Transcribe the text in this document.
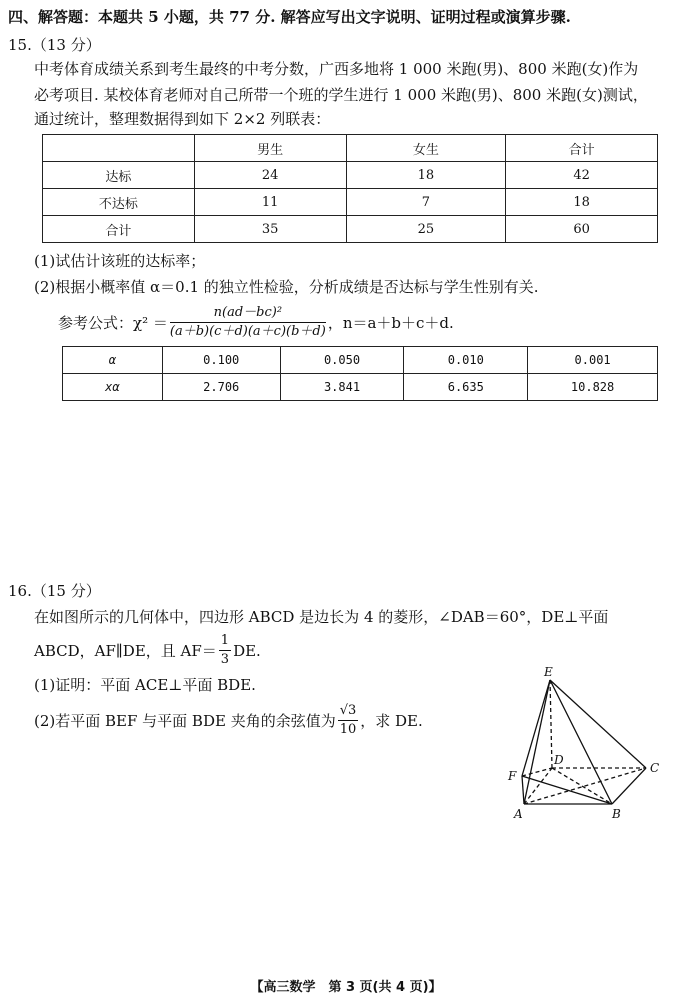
四、解答题：本题共 5 小题，共 77 分. 解答应写出文字说明、证明过程或演算步骤.
15.（13 分）
中考体育成绩关系到考生最终的中考分数，广西多地将 1 000 米跑(男)、800 米跑(女)作为
必考项目. 某校体育老师对自己所带一个班的学生进行 1 000 米跑(男)、800 米跑(女)测试，
通过统计，整理数据得到如下 2×2 列联表：
	男生	女生	合计
达标	24	18	42
不达标	11	7	18
合计	35	25	60
(1)试估计该班的达标率；
(2)根据小概率值 α＝0.1 的独立性检验，分析成绩是否达标与学生性别有关.
参考公式：$\chi^2 = \frac{\text{n(ad－bc)²}}{(a+b)(c+d)(a+c)(b+d)}$ ，n＝a＋b＋c＋d.
α	0.100	0.050	0.010	0.001
xα	2.706	3.841	6.635	10.828
16.（15 分）
在如图所示的几何体中，四边形 ABCD 是边长为 4 的菱形，∠DAB＝60°，DE⊥平面
ABCD，AF∥DE，且 $AF= \frac{1}{3}$ DE.
(1)证明：平面 ACE⊥平面 BDE.
(2)若平面 BEF 与平面 BDE 夹角的余弦值为 $\frac{√3}{10}$ ，求 DE.
E
D
C
F
A	B
【高三数学　第 3 页(共 4 页)】
